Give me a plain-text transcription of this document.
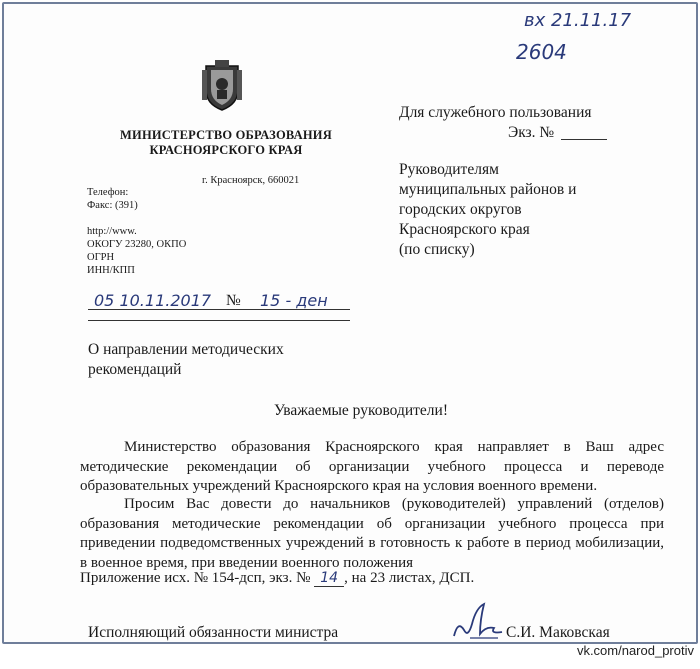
вх 21.11.17
2604
МИНИСТЕРСТВО ОБРАЗОВАНИЯ
КРАСНОЯРСКОГО КРАЯ
г. Красноярск, 660021
Телефон:
Факс: (391)
http://www.
ОКОГУ 23280, ОКПО
ОГРН
ИНН/КПП
Для служебного пользования
Экз. №
Руководителям
муниципальных районов и
городских округов
Красноярского края
(по списку)
05 10.11.2017 № 15 - ден
О направлении методических
рекомендаций
Уважаемые руководители!
Министерство образования Красноярского края направляет в Ваш адрес методические рекомендации об организации учебного процесса и переводе образовательных учреждений Красноярского края на условия военного времени.
Просим Вас довести до начальников (руководителей) управлений (отделов) образования методические рекомендации об организации учебного процесса при приведении подведомственных учреждений в готовность к работе в период мобилизации, в военное время, при введении военного положения
Приложение исх. № 154-дсп, экз. № 14 , на 23 листах, ДСП.
Исполняющий обязанности министра	С.И. Маковская
vk.com/narod_protiv
